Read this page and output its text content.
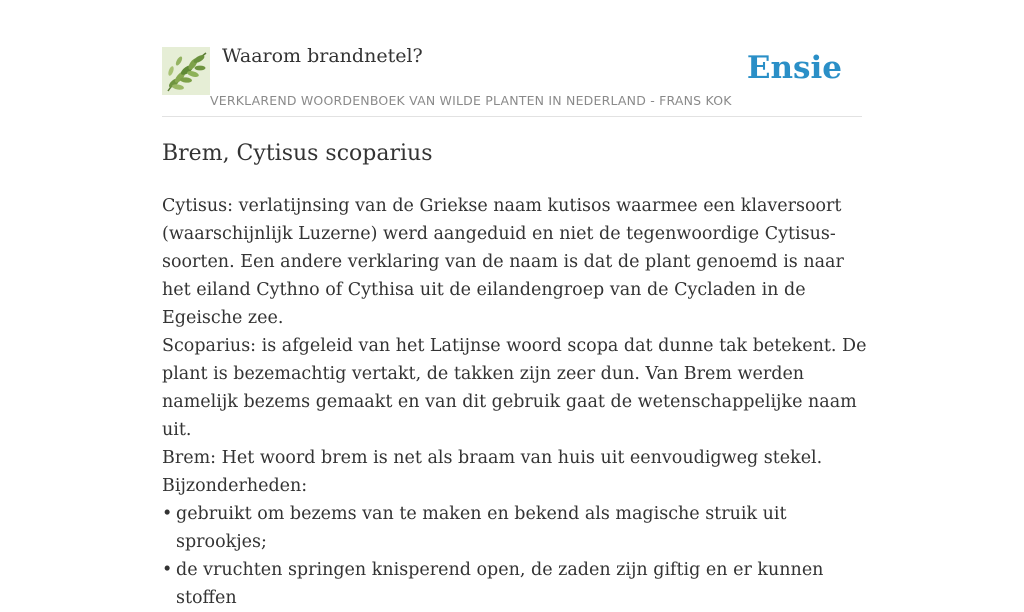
Waarom brandnetel?
VERKLAREND WOORDENBOEK VAN WILDE PLANTEN IN NEDERLAND - FRANS KOK
Ensie
Brem, Cytisus scoparius

Cytisus: verlatijnsing van de Griekse naam kutisos waarmee een klaversoort (waarschijnlijk Luzerne) werd aangeduid en niet de tegenwoordige Cytisus-soorten. Een andere verklaring van de naam is dat de plant genoemd is naar het eiland Cythno of Cythisa uit de eilandengroep van de Cycladen in de Egeische zee.

Scoparius: is afgeleid van het Latijnse woord scopa dat dunne tak betekent. De plant is bezemachtig vertakt, de takken zijn zeer dun. Van Brem werden namelijk bezems gemaakt en van dit gebruik gaat de wetenschappelijke naam uit.

Brem: Het woord brem is net als braam van huis uit eenvoudigweg stekel.

Bijzonderheden:

• gebruikt om bezems van te maken en bekend als magische struik uit sprookjes;
• de vruchten springen knisperend open, de zaden zijn giftig en er kunnen stoffen
